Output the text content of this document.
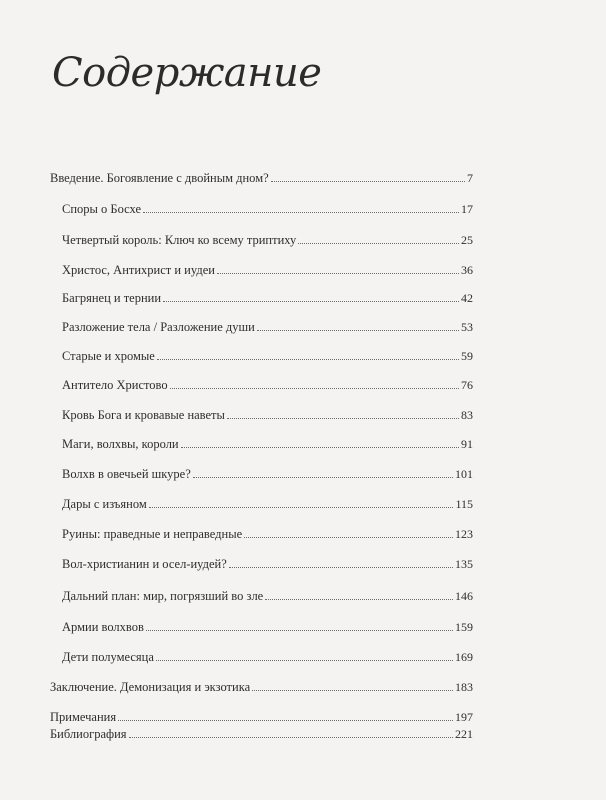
Содержание
Введение. Богоявление с двойным дном?	7
Споры о Босхе	17
Четвертый король: Ключ ко всему триптиху	25
Христос, Антихрист и иудеи	36
Багрянец и тернии	42
Разложение тела / Разложение души	53
Старые и хромые	59
Антитело Христово	76
Кровь Бога и кровавые наветы	83
Маги, волхвы, короли	91
Волхв в овечьей шкуре?	101
Дары с изъяном	115
Руины: праведные и неправедные	123
Вол-христианин и осел-иудей?	135
Дальний план: мир, погрязший во зле	146
Армии волхвов	159
Дети полумесяца	169
Заключение. Демонизация и экзотика	183
Примечания	197
Библиография	221
